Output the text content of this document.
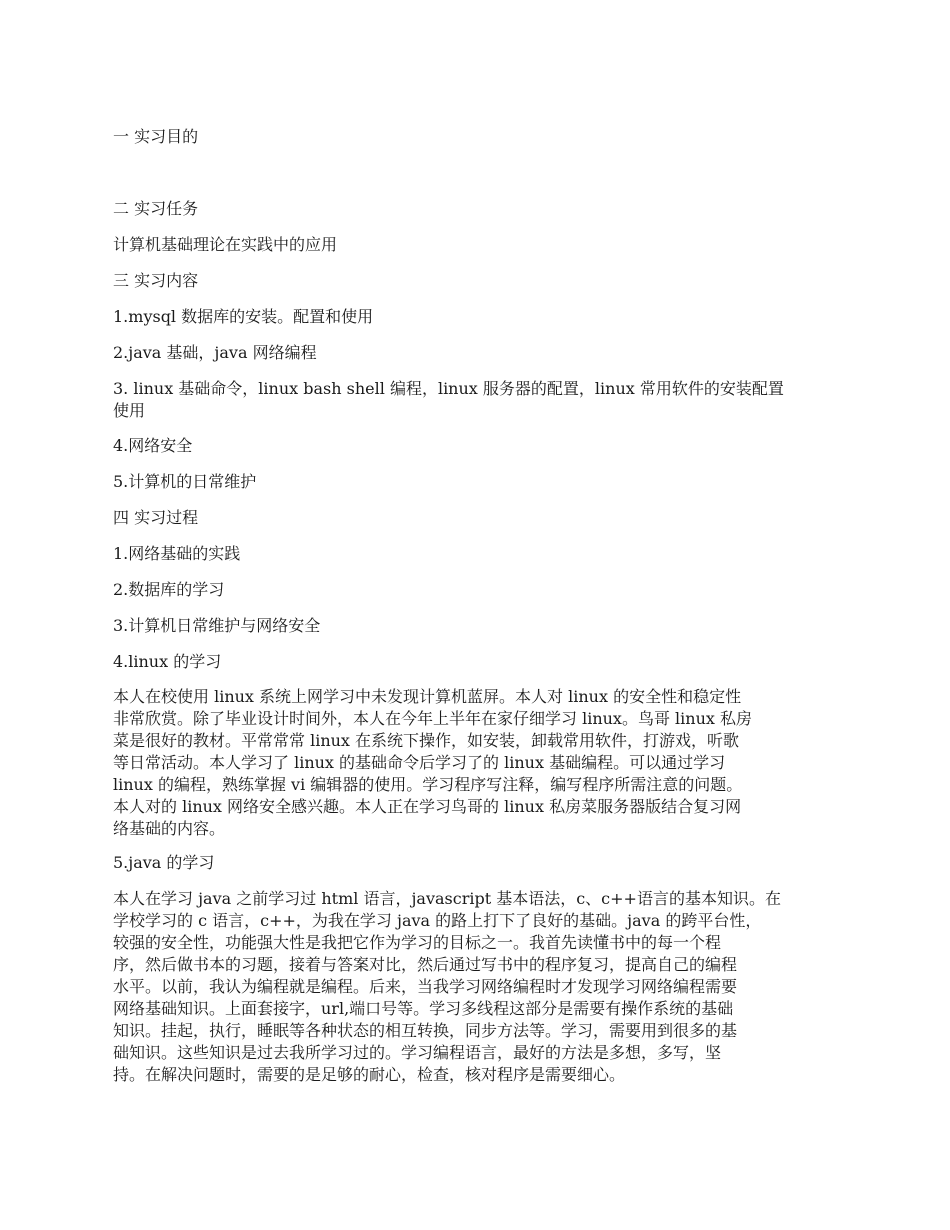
一 实习目的

二 实习任务

计算机基础理论在实践中的应用

三 实习内容

1.mysql 数据库的安装。配置和使用

2.java 基础，java 网络编程

3. linux 基础命令，linux bash shell 编程，linux 服务器的配置，linux 常用软件的安装配置
使用

4.网络安全

5.计算机的日常维护

四 实习过程

1.网络基础的实践

2.数据库的学习

3.计算机日常维护与网络安全

4.linux 的学习

本人在校使用 linux 系统上网学习中未发现计算机蓝屏。本人对 linux 的安全性和稳定性
非常欣赏。除了毕业设计时间外，本人在今年上半年在家仔细学习 linux。鸟哥 linux 私房
菜是很好的教材。平常常常 linux 在系统下操作，如安装，卸载常用软件，打游戏，听歌
等日常活动。本人学习了 linux 的基础命令后学习了的 linux 基础编程。可以通过学习
linux 的编程，熟练掌握 vi 编辑器的使用。学习程序写注释，编写程序所需注意的问题。
本人对的 linux 网络安全感兴趣。本人正在学习鸟哥的 linux 私房菜服务器版结合复习网
络基础的内容。

5.java 的学习

本人在学习 java 之前学习过 html 语言，javascript 基本语法，c、c++语言的基本知识。在
学校学习的 c 语言，c++，为我在学习 java 的路上打下了良好的基础。java 的跨平台性，
较强的安全性，功能强大性是我把它作为学习的目标之一。我首先读懂书中的每一个程
序，然后做书本的习题，接着与答案对比，然后通过写书中的程序复习，提高自己的编程
水平。以前，我认为编程就是编程。后来，当我学习网络编程时才发现学习网络编程需要
网络基础知识。上面套接字，url,端口号等。学习多线程这部分是需要有操作系统的基础
知识。挂起，执行，睡眠等各种状态的相互转换，同步方法等。学习，需要用到很多的基
础知识。这些知识是过去我所学习过的。学习编程语言，最好的方法是多想，多写，坚
持。在解决问题时，需要的是足够的耐心，检查，核对程序是需要细心。
